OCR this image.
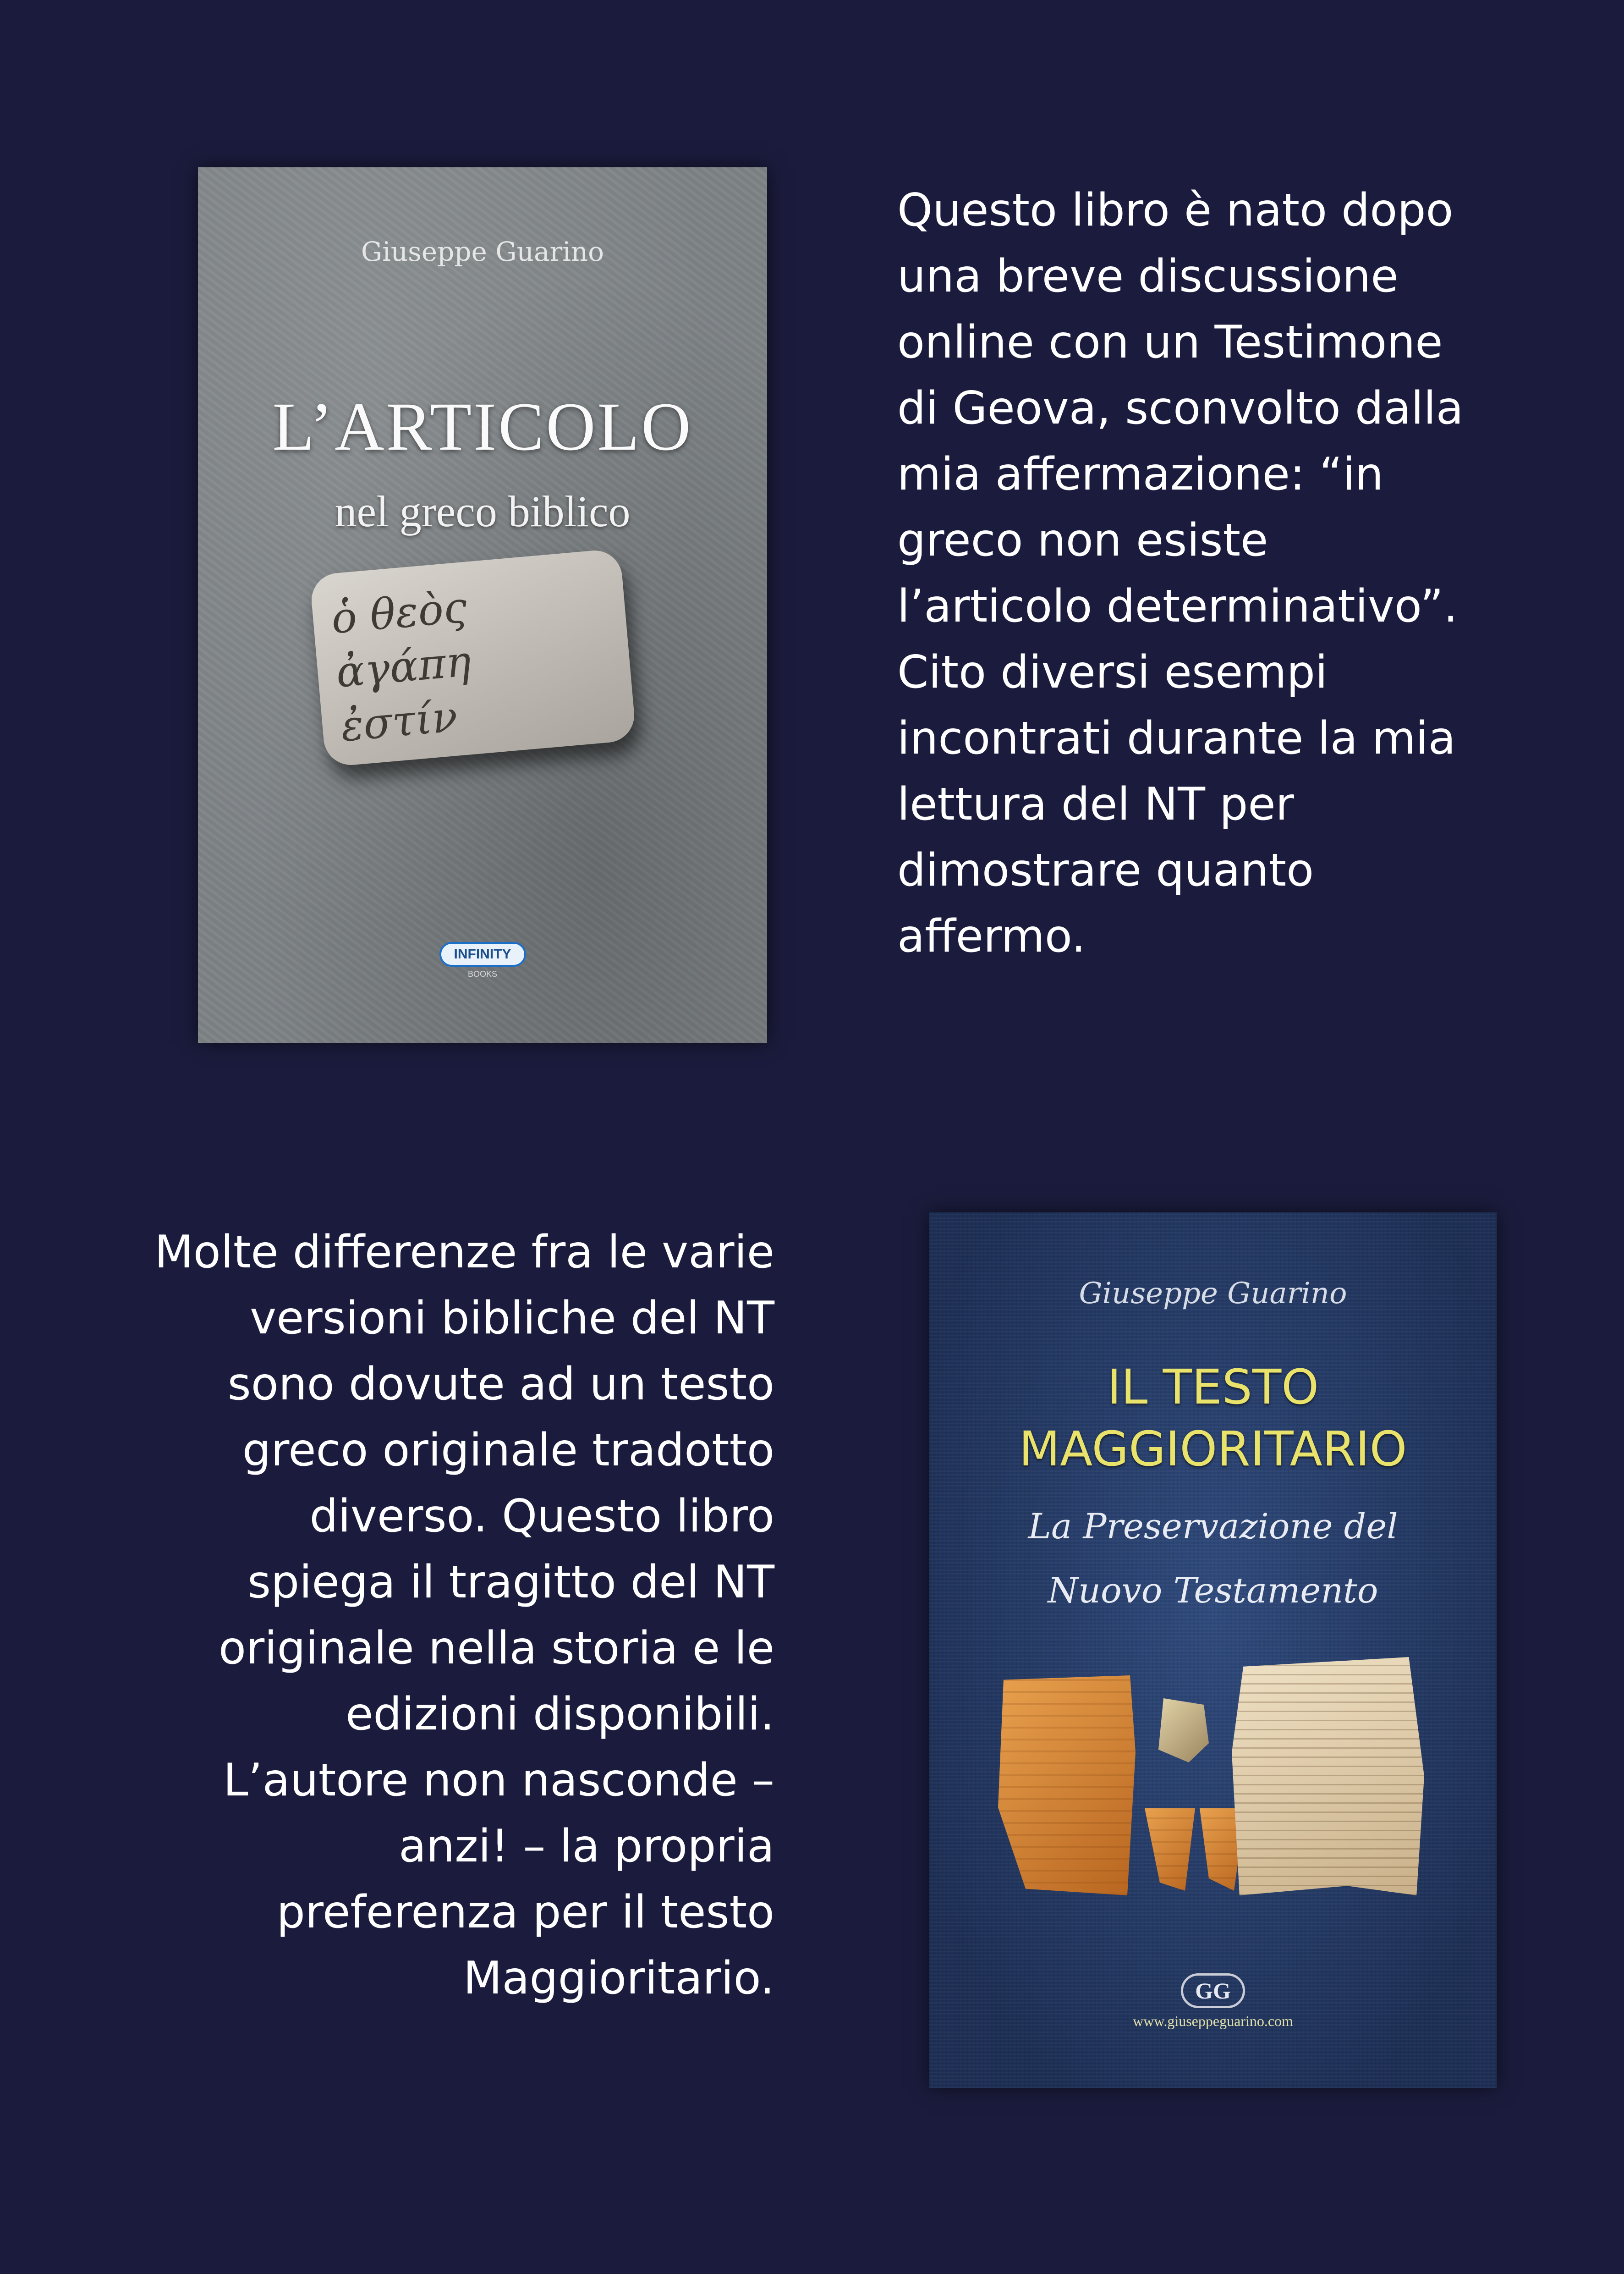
Giuseppe Guarino
L’ARTICOLO
nel greco biblico
ὁ θεὸς
ἀγάπη
ἐστίν
INFINITY
BOOKS
Questo libro è nato dopo
una breve discussione
online con un Testimone
di Geova, sconvolto dalla
mia affermazione: “in
greco non esiste
l’articolo determinativo”.
Cito diversi esempi
incontrati durante la mia
lettura del NT per
dimostrare quanto
affermo.
Molte differenze fra le varie
versioni bibliche del NT
sono dovute ad un testo
greco originale tradotto
diverso. Questo libro
spiega il tragitto del NT
originale nella storia e le
edizioni disponibili.
L’autore non nasconde –
anzi! – la propria
preferenza per il testo
Maggioritario.
Giuseppe Guarino
IL TESTO
MAGGIORITARIO
La Preservazione del
Nuovo Testamento
GG
www.giuseppeguarino.com
